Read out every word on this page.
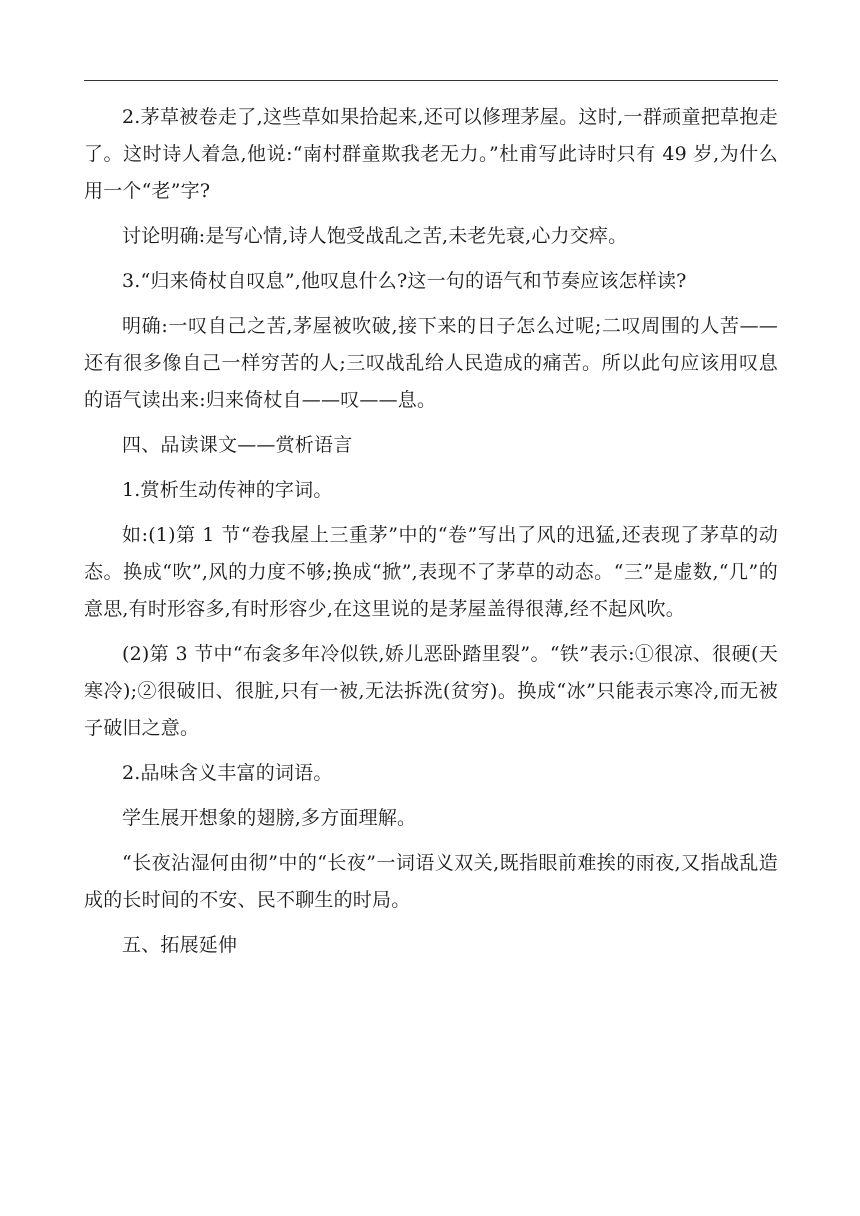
2.茅草被卷走了,这些草如果拾起来,还可以修理茅屋。这时,一群顽童把草抱走了。这时诗人着急,他说:“南村群童欺我老无力。”杜甫写此诗时只有 49 岁,为什么用一个“老”字?

讨论明确:是写心情,诗人饱受战乱之苦,未老先衰,心力交瘁。

3.“归来倚杖自叹息”,他叹息什么?这一句的语气和节奏应该怎样读?

明确:一叹自己之苦,茅屋被吹破,接下来的日子怎么过呢;二叹周围的人苦——还有很多像自己一样穷苦的人;三叹战乱给人民造成的痛苦。所以此句应该用叹息的语气读出来:归来倚杖自——叹——息。

四、品读课文——赏析语言

1.赏析生动传神的字词。

如:(1)第 1 节“卷我屋上三重茅”中的“卷”写出了风的迅猛,还表现了茅草的动态。换成“吹”,风的力度不够;换成“掀”,表现不了茅草的动态。“三”是虚数,“几”的意思,有时形容多,有时形容少,在这里说的是茅屋盖得很薄,经不起风吹。

(2)第 3 节中“布衾多年冷似铁,娇儿恶卧踏里裂”。“铁”表示:①很凉、很硬(天寒冷);②很破旧、很脏,只有一被,无法拆洗(贫穷)。换成“冰”只能表示寒冷,而无被子破旧之意。

2.品味含义丰富的词语。

学生展开想象的翅膀,多方面理解。

“长夜沾湿何由彻”中的“长夜”一词语义双关,既指眼前难挨的雨夜,又指战乱造成的长时间的不安、民不聊生的时局。

五、拓展延伸
